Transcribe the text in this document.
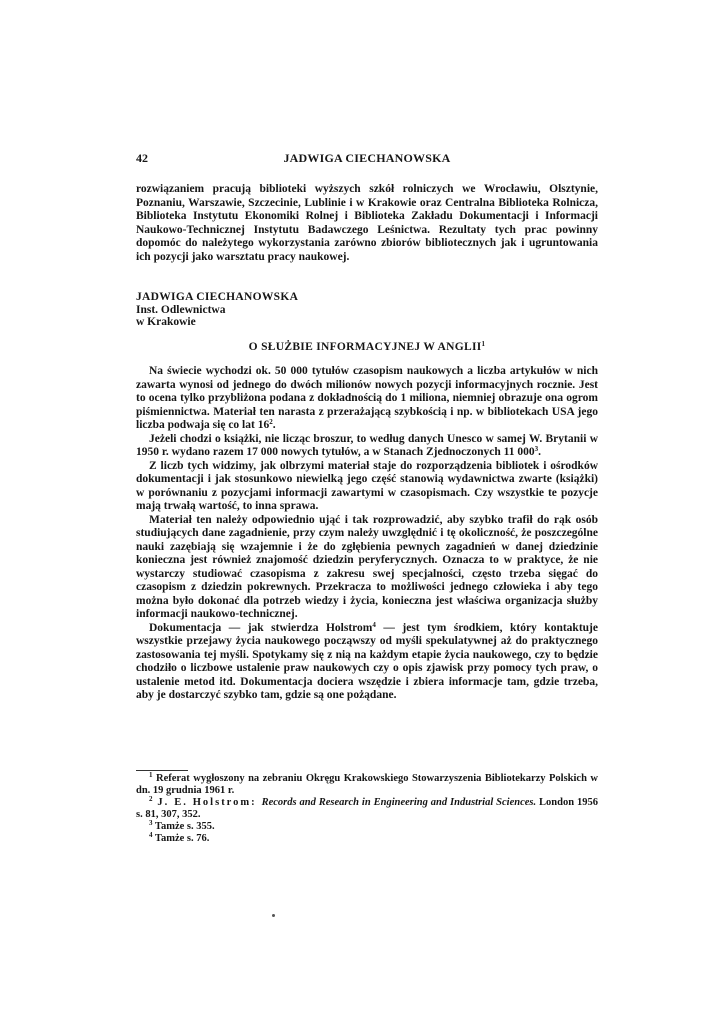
42	JADWIGA CIECHANOWSKA

rozwiązaniem pracują biblioteki wyższych szkół rolniczych we Wrocławiu, Olsztynie, Poznaniu, Warszawie, Szczecinie, Lublinie i w Krakowie oraz Centralna Biblioteka Rolnicza, Biblioteka Instytutu Ekonomiki Rolnej i Biblioteka Zakładu Dokumentacji i Informacji Naukowo-Technicznej Instytutu Badawczego Leśnictwa. Rezultaty tych prac powinny dopomóc do należytego wykorzystania zarówno zbiorów bibliotecznych jak i ugruntowania ich pozycji jako warsztatu pracy naukowej.

JADWIGA CIECHANOWSKA
Inst. Odlewnictwa
w Krakowie
O SŁUŻBIE INFORMACYJNEJ W ANGLII$^1$

Na świecie wychodzi ok. 50 000 tytułów czasopism naukowych a liczba artykułów w nich zawarta wynosi od jednego do dwóch milionów nowych pozycji informacyjnych rocznie. Jest to ocena tylko przybliżona podana z dokładnością do 1 miliona, niemniej obrazuje ona ogrom piśmiennictwa. Materiał ten narasta z przerażającą szybkością i np. w bibliotekach USA jego liczba podwaja się co lat $16^2$.

Jeżeli chodzi o książki, nie licząc broszur, to według danych Unesco w samej W. Brytanii w 1950 r. wydano razem 17 000 nowych tytułów, a w Stanach Zjednoczonych 11 $000^3$.

Z liczb tych widzimy, jak olbrzymi materiał staje do rozporządzenia bibliotek i ośrodków dokumentacji i jak stosunkowo niewielką jego część stanowią wydawnictwa zwarte (książki) w porównaniu z pozycjami informacji zawartymi w czasopismach. Czy wszystkie te pozycje mają trwałą wartość, to inna sprawa.

Materiał ten należy odpowiednio ująć i tak rozprowadzić, aby szybko trafił do rąk osób studiujących dane zagadnienie, przy czym należy uwzględnić i tę okoliczność, że poszczególne nauki zazębiają się wzajemnie i że do zgłębienia pewnych zagadnień w danej dziedzinie konieczna jest również znajomość dziedzin peryferycznych. Oznacza to w praktyce, że nie wystarczy studiować czasopisma z zakresu swej specjalności, często trzeba sięgać do czasopism z dziedzin pokrewnych. Przekracza to możliwości jednego człowieka i aby tego można było dokonać dla potrzeb wiedzy i życia, konieczna jest właściwa organizacja służby informacji naukowo-technicznej.

Dokumentacja — jak stwierdza Holstrom$^4$ — jest tym środkiem, który kontaktuje wszystkie przejawy życia naukowego począwszy od myśli spekulatywnej aż do praktycznego zastosowania tej myśli. Spotykamy się z nią na każdym etapie życia naukowego, czy to będzie chodziło o liczbowe ustalenie praw naukowych czy o opis zjawisk przy pomocy tych praw, o ustalenie metod itd. Dokumentacja dociera wszędzie i zbiera informacje tam, gdzie trzeba, aby je dostarczyć szybko tam, gdzie są one pożądane.

$^1$ Referat wygłoszony na zebraniu Okręgu Krakowskiego Stowarzyszenia Bibliotekarzy Polskich w dn. 19 grudnia 1961 r.

$^2$ J. E. Holstrom: Records and Research in Engineering and Industrial Sciences. London 1956 s. 81, 307, 352.

$^3$ Tamże s. 355.

$^4$ Tamże s. 76.
